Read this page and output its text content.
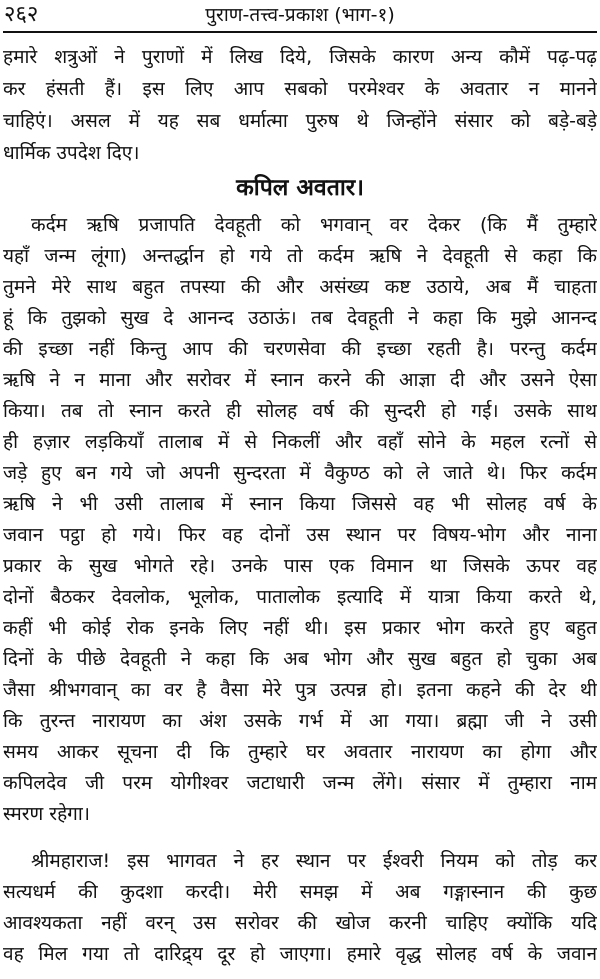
२६२	पुराण-तत्त्व-प्रकाश (भाग-१)
हमारे शत्रुओं ने पुराणों में लिख दिये, जिसके कारण अन्य कौमें पढ़-पढ़
कर हंसती हैं। इस लिए आप सबको परमेश्वर के अवतार न मानने
चाहिएं। असल में यह सब धर्मात्मा पुरुष थे जिन्होंने संसार को बड़े-बड़े
धार्मिक उपदेश दिए।
कपिल अवतार।
कर्दम ऋषि प्रजापति देवहूती को भगवान् वर देकर (कि मैं तुम्हारे
यहाँ जन्म लूंगा) अन्तर्द्धान हो गये तो कर्दम ऋषि ने देवहूती से कहा कि
तुमने मेरे साथ बहुत तपस्या की और असंख्य कष्ट उठाये, अब मैं चाहता
हूं कि तुझको सुख दे आनन्द उठाऊं। तब देवहूती ने कहा कि मुझे आनन्द
की इच्छा नहीं किन्तु आप की चरणसेवा की इच्छा रहती है। परन्तु कर्दम
ऋषि ने न माना और सरोवर में स्नान करने की आज्ञा दी और उसने ऐसा
किया। तब तो स्नान करते ही सोलह वर्ष की सुन्दरी हो गई। उसके साथ
ही हज़ार लड़कियाँ तालाब में से निकलीं और वहाँ सोने के महल रत्नों से
जड़े हुए बन गये जो अपनी सुन्दरता में वैकुण्ठ को ले जाते थे। फिर कर्दम
ऋषि ने भी उसी तालाब में स्नान किया जिससे वह भी सोलह वर्ष के
जवान पट्ठा हो गये। फिर वह दोनों उस स्थान पर विषय-भोग और नाना
प्रकार के सुख भोगते रहे। उनके पास एक विमान था जिसके ऊपर वह
दोनों बैठकर देवलोक, भूलोक, पातालोक इत्यादि में यात्रा किया करते थे,
कहीं भी कोई रोक इनके लिए नहीं थी। इस प्रकार भोग करते हुए बहुत
दिनों के पीछे देवहूती ने कहा कि अब भोग और सुख बहुत हो चुका अब
जैसा श्रीभगवान् का वर है वैसा मेरे पुत्र उत्पन्न हो। इतना कहने की देर थी
कि तुरन्त नारायण का अंश उसके गर्भ में आ गया। ब्रह्मा जी ने उसी
समय आकर सूचना दी कि तुम्हारे घर अवतार नारायण का होगा और
कपिलदेव जी परम योगीश्वर जटाधारी जन्म लेंगे। संसार में तुम्हारा नाम
स्मरण रहेगा।
श्रीमहाराज! इस भागवत ने हर स्थान पर ईश्वरी नियम को तोड़ कर
सत्यधर्म की कुदशा करदी। मेरी समझ में अब गङ्गास्नान की कुछ
आवश्यकता नहीं वरन् उस सरोवर की खोज करनी चाहिए क्योंकि यदि
वह मिल गया तो दारिद्र्य दूर हो जाएगा। हमारे वृद्ध सोलह वर्ष के जवान
